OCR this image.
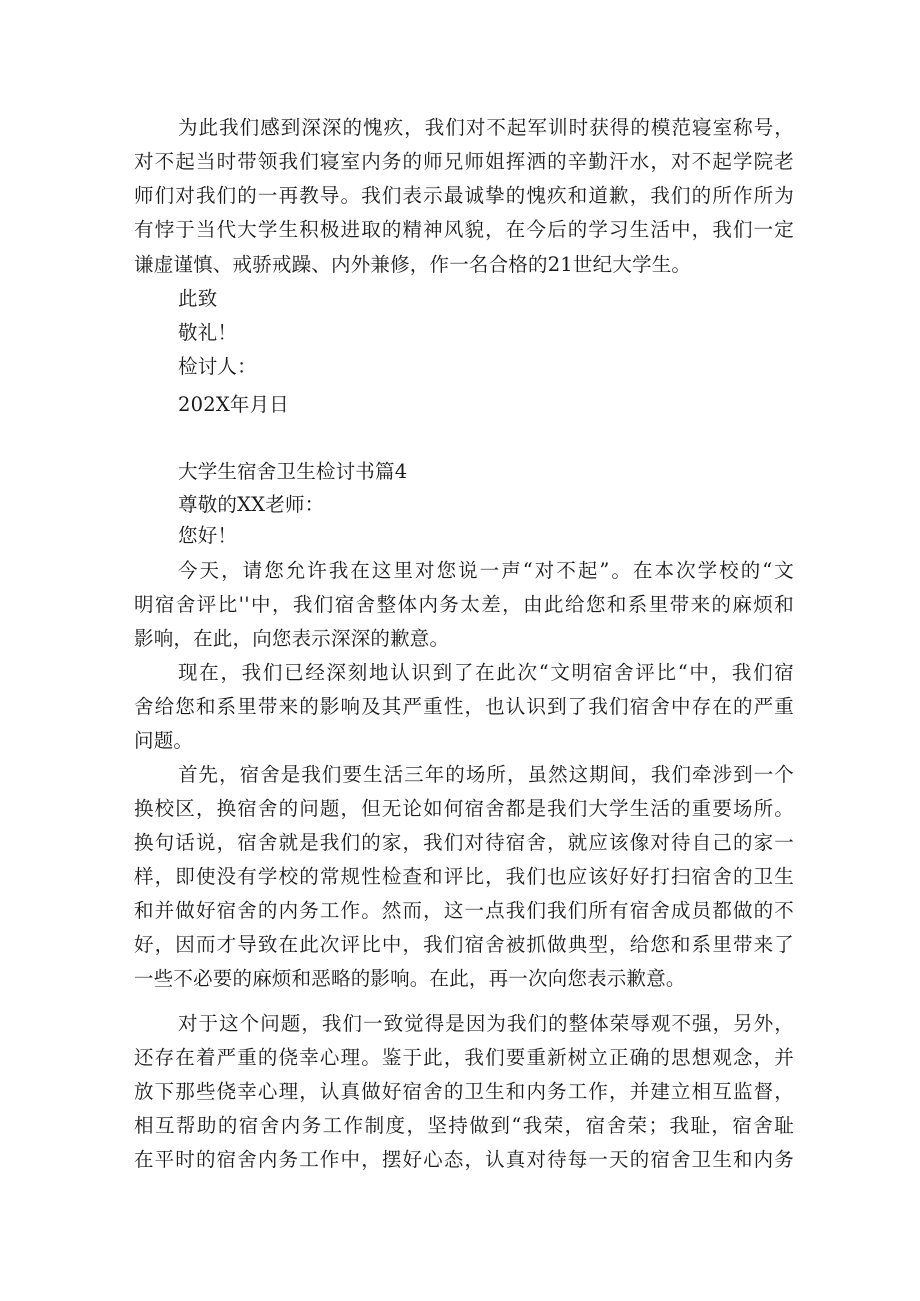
为此我们感到深深的愧疚，我们对不起军训时获得的模范寝室称号，
对不起当时带领我们寝室内务的师兄师姐挥洒的辛勤汗水，对不起学院老
师们对我们的一再教导。我们表示最诚挚的愧疚和道歉，我们的所作所为
有悖于当代大学生积极进取的精神风貌，在今后的学习生活中，我们一定
谦虚谨慎、戒骄戒躁、内外兼修，作一名合格的21世纪大学生。
此致
敬礼！
检讨人：
202X年月日
大学生宿舍卫生检讨书篇4
尊敬的XX老师：
您好！
今天，请您允许我在这里对您说一声“对不起”。在本次学校的“文
明宿舍评比''中，我们宿舍整体内务太差，由此给您和系里带来的麻烦和
影响，在此，向您表示深深的歉意。
现在，我们已经深刻地认识到了在此次“文明宿舍评比“中，我们宿
舍给您和系里带来的影响及其严重性，也认识到了我们宿舍中存在的严重
问题。
首先，宿舍是我们要生活三年的场所，虽然这期间，我们牵涉到一个
换校区，换宿舍的问题，但无论如何宿舍都是我们大学生活的重要场所。
换句话说，宿舍就是我们的家，我们对待宿舍，就应该像对待自己的家一
样，即使没有学校的常规性检查和评比，我们也应该好好打扫宿舍的卫生
和并做好宿舍的内务工作。然而，这一点我们我们所有宿舍成员都做的不
好，因而才导致在此次评比中，我们宿舍被抓做典型，给您和系里带来了
一些不必要的麻烦和恶略的影响。在此，再一次向您表示歉意。
对于这个问题，我们一致觉得是因为我们的整体荣辱观不强，另外，
还存在着严重的侥幸心理。鉴于此，我们要重新树立正确的思想观念，并
放下那些侥幸心理，认真做好宿舍的卫生和内务工作，并建立相互监督，
相互帮助的宿舍内务工作制度，坚持做到“我荣，宿舍荣；我耻，宿舍耻
在平时的宿舍内务工作中，摆好心态，认真对待每一天的宿舍卫生和内务
